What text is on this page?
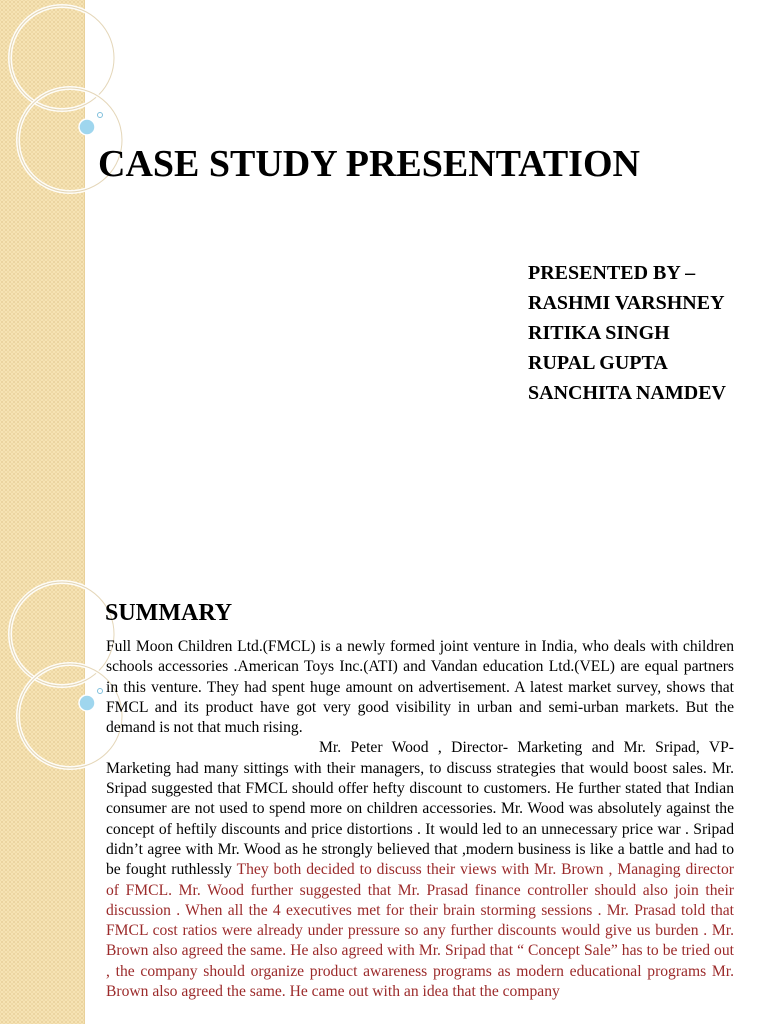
CASE STUDY PRESENTATION
PRESENTED BY –
RASHMI VARSHNEY
RITIKA SINGH
RUPAL GUPTA
SANCHITA NAMDEV
SUMMARY

Full Moon Children Ltd.(FMCL) is a newly formed joint venture in India, who deals with children schools accessories .American Toys Inc.(ATI) and Vandan education Ltd.(VEL) are equal partners in this venture. They had spent huge amount on advertisement. A latest market survey, shows that FMCL and its product have got very good visibility in urban and semi-urban markets. But the demand is not that much rising.

Mr. Peter Wood , Director- Marketing and Mr. Sripad, VP-Marketing had many sittings with their managers, to discuss strategies that would boost sales. Mr. Sripad suggested that FMCL should offer hefty discount to customers. He further stated that Indian consumer are not used to spend more on children accessories. Mr. Wood was absolutely against the concept of heftily discounts and price distortions . It would led to an unnecessary price war . Sripad didn’t agree with Mr. Wood as he strongly believed that ,modern business is like a battle and had to be fought ruthlessly They both decided to discuss their views with Mr. Brown , Managing director of FMCL. Mr. Wood further suggested that Mr. Prasad finance controller should also join their discussion . When all the 4 executives met for their brain storming sessions . Mr. Prasad told that FMCL cost ratios were already under pressure so any further discounts would give us burden . Mr. Brown also agreed the same. He also agreed with Mr. Sripad that “ Concept Sale” has to be tried out , the company should organize product awareness programs as modern educational programs Mr. Brown also agreed the same. He came out with an idea that the company
